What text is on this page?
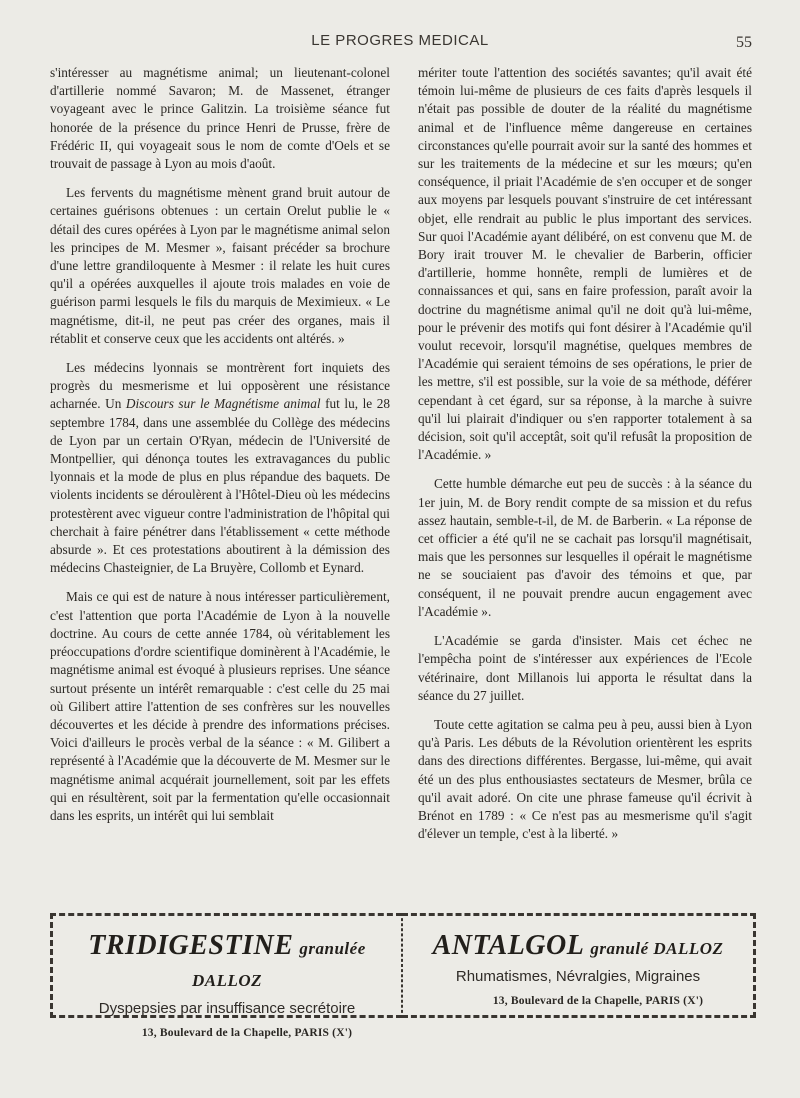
LE PROGRES MEDICAL	55

s'intéresser au magnétisme animal; un lieutenant-colonel d'artillerie nommé Savaron; M. de Massenet, étranger voyageant avec le prince Galitzin. La troisième séance fut honorée de la présence du prince Henri de Prusse, frère de Frédéric II, qui voyageait sous le nom de comte d'Oels et se trouvait de passage à Lyon au mois d'août.

Les fervents du magnétisme mènent grand bruit autour de certaines guérisons obtenues : un certain Orelut publie le « détail des cures opérées à Lyon par le magnétisme animal selon les principes de M. Mesmer », faisant précéder sa brochure d'une lettre grandiloquente à Mesmer : il relate les huit cures qu'il a opérées auxquelles il ajoute trois malades en voie de guérison parmi lesquels le fils du marquis de Meximieux. « Le magnétisme, dit-il, ne peut pas créer des organes, mais il rétablit et conserve ceux que les accidents ont altérés. »

Les médecins lyonnais se montrèrent fort inquiets des progrès du mesmerisme et lui opposèrent une résistance acharnée. Un Discours sur le Magnétisme animal fut lu, le 28 septembre 1784, dans une assemblée du Collège des médecins de Lyon par un certain O'Ryan, médecin de l'Université de Montpellier, qui dénonça toutes les extravagances du public lyonnais et la mode de plus en plus répandue des baquets. De violents incidents se déroulèrent à l'Hôtel-Dieu où les médecins protestèrent avec vigueur contre l'administration de l'hôpital qui cherchait à faire pénétrer dans l'établissement « cette méthode absurde ». Et ces protestations aboutirent à la démission des médecins Chasteignier, de La Bruyère, Collomb et Eynard.

Mais ce qui est de nature à nous intéresser particulièrement, c'est l'attention que porta l'Académie de Lyon à la nouvelle doctrine. Au cours de cette année 1784, où véritablement les préoccupations d'ordre scientifique dominèrent à l'Académie, le magnétisme animal est évoqué à plusieurs reprises. Une séance surtout présente un intérêt remarquable : c'est celle du 25 mai où Gilibert attire l'attention de ses confrères sur les nouvelles découvertes et les décide à prendre des informations précises. Voici d'ailleurs le procès verbal de la séance : « M. Gilibert a représenté à l'Académie que la découverte de M. Mesmer sur le magnétisme animal acquérait journellement, soit par les effets qui en résultèrent, soit par la fermentation qu'elle occasionnait dans les esprits, un intérêt qui lui semblait

mériter toute l'attention des sociétés savantes; qu'il avait été témoin lui-même de plusieurs de ces faits d'après lesquels il n'était pas possible de douter de la réalité du magnétisme animal et de l'influence même dangereuse en certaines circonstances qu'elle pourrait avoir sur la santé des hommes et sur les traitements de la médecine et sur les mœurs; qu'en conséquence, il priait l'Académie de s'en occuper et de songer aux moyens par lesquels pouvant s'instruire de cet intéressant objet, elle rendrait au public le plus important des services. Sur quoi l'Académie ayant délibéré, on est convenu que M. de Bory irait trouver M. le chevalier de Barberin, officier d'artillerie, homme honnête, rempli de lumières et de connaissances et qui, sans en faire profession, paraît avoir la doctrine du magnétisme animal qu'il ne doit qu'à lui-même, pour le prévenir des motifs qui font désirer à l'Académie qu'il voulut recevoir, lorsqu'il magnétise, quelques membres de l'Académie qui seraient témoins de ses opérations, le prier de les mettre, s'il est possible, sur la voie de sa méthode, déférer cependant à cet égard, sur sa réponse, à la marche à suivre qu'il lui plairait d'indiquer ou s'en rapporter totalement à sa décision, soit qu'il acceptât, soit qu'il refusât la proposition de l'Académie. »

Cette humble démarche eut peu de succès : à la séance du 1er juin, M. de Bory rendit compte de sa mission et du refus assez hautain, semble-t-il, de M. de Barberin. « La réponse de cet officier a été qu'il ne se cachait pas lorsqu'il magnétisait, mais que les personnes sur lesquelles il opérait le magnétisme ne se souciaient pas d'avoir des témoins et que, par conséquent, il ne pouvait prendre aucun engagement avec l'Académie ».

L'Académie se garda d'insister. Mais cet échec ne l'empêcha point de s'intéresser aux expériences de l'Ecole vétérinaire, dont Millanois lui apporta le résultat dans la séance du 27 juillet.

Toute cette agitation se calma peu à peu, aussi bien à Lyon qu'à Paris. Les débuts de la Révolution orientèrent les esprits dans des directions différentes. Bergasse, lui-même, qui avait été un des plus enthousiastes sectateurs de Mesmer, brûla ce qu'il avait adoré. On cite une phrase fameuse qu'il écrivit à Brénot en 1789 : « Ce n'est pas au mesmerisme qu'il s'agit d'élever un temple, c'est à la liberté. »

TRIDIGESTINE granulée DALLOZ
Dyspepsies par insuffisance secrétoire
13, Boulevard de la Chapelle, PARIS (X')
ANTALGOL granulé DALLOZ
Rhumatismes, Névralgies, Migraines
13, Boulevard de la Chapelle, PARIS (X')
